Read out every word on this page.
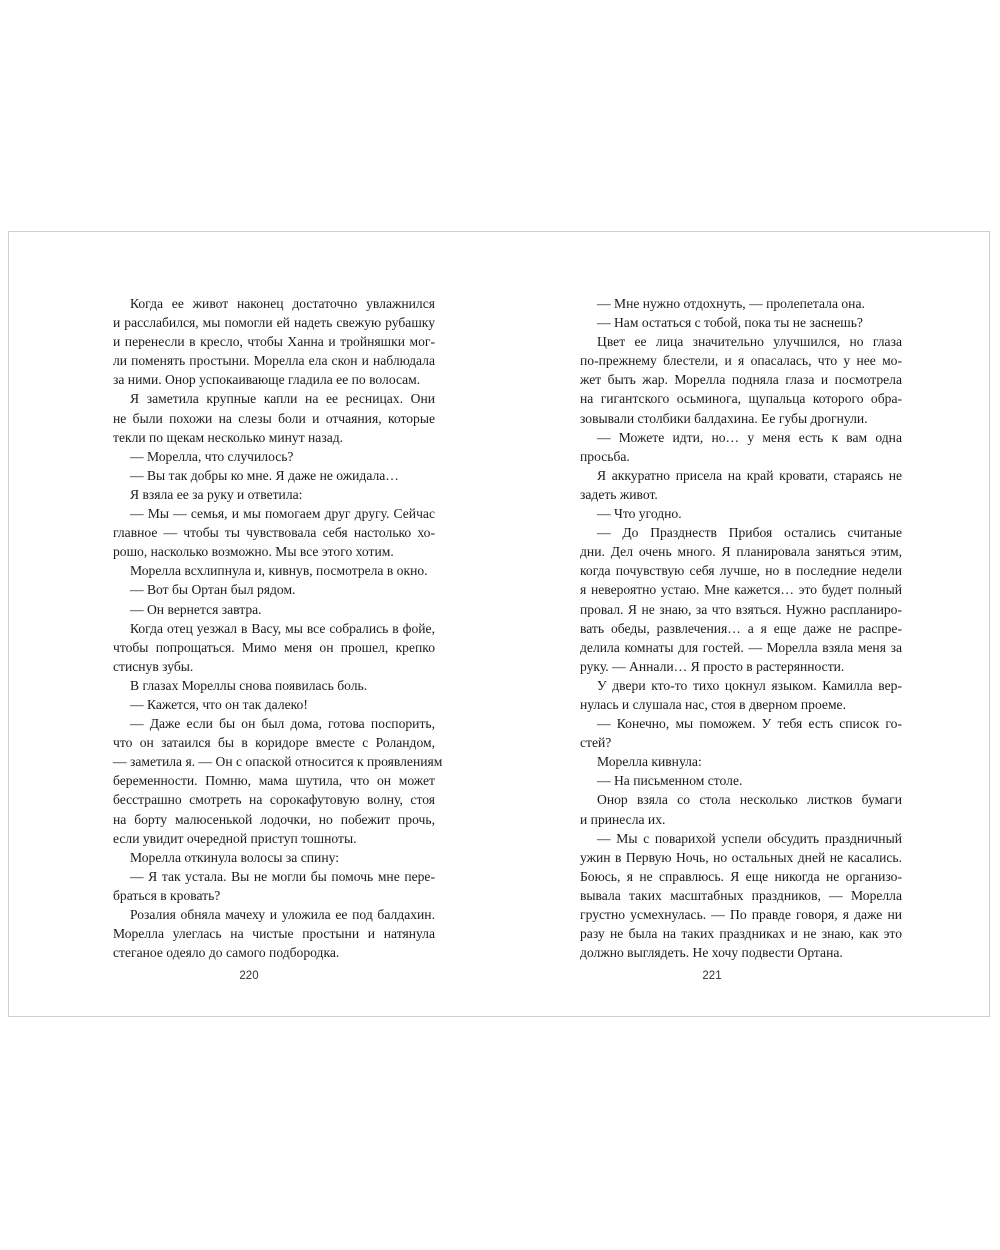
Когда ее живот наконец достаточно увлажнился
и расслабился, мы помогли ей надеть свежую рубашку
и перенесли в кресло, чтобы Ханна и тройняшки мог-
ли поменять простыни. Морелла ела скон и наблюдала
за ними. Онор успокаивающе гладила ее по волосам.
Я заметила крупные капли на ее ресницах. Они
не были похожи на слезы боли и отчаяния, которые
текли по щекам несколько минут назад.
— Морелла, что случилось?
— Вы так добры ко мне. Я даже не ожидала…
Я взяла ее за руку и ответила:
— Мы — семья, и мы помогаем друг другу. Сейчас
главное — чтобы ты чувствовала себя настолько хо-
рошо, насколько возможно. Мы все этого хотим.
Морелла всхлипнула и, кивнув, посмотрела в окно.
— Вот бы Ортан был рядом.
— Он вернется завтра.
Когда отец уезжал в Васу, мы все собрались в фойе,
чтобы попрощаться. Мимо меня он прошел, крепко
стиснув зубы.
В глазах Мореллы снова появилась боль.
— Кажется, что он так далеко!
— Даже если бы он был дома, готова поспорить,
что он затаился бы в коридоре вместе с Роландом,
— заметила я. — Он с опаской относится к проявлениям
беременности. Помню, мама шутила, что он может
бесстрашно смотреть на сорокафутовую волну, стоя
на борту малюсенькой лодочки, но побежит прочь,
если увидит очередной приступ тошноты.
Морелла откинула волосы за спину:
— Я так устала. Вы не могли бы помочь мне пере-
браться в кровать?
Розалия обняла мачеху и уложила ее под балдахин.
Морелла улеглась на чистые простыни и натянула
стеганое одеяло до самого подбородка.
220
— Мне нужно отдохнуть, — пролепетала она.
— Нам остаться с тобой, пока ты не заснешь?
Цвет ее лица значительно улучшился, но глаза
по-прежнему блестели, и я опасалась, что у нее мо-
жет быть жар. Морелла подняла глаза и посмотрела
на гигантского осьминога, щупальца которого обра-
зовывали столбики балдахина. Ее губы дрогнули.
— Можете идти, но… у меня есть к вам одна
просьба.
Я аккуратно присела на край кровати, стараясь не
задеть живот.
— Что угодно.
— До Празднеств Прибоя остались считаные
дни. Дел очень много. Я планировала заняться этим,
когда почувствую себя лучше, но в последние недели
я невероятно устаю. Мне кажется… это будет полный
провал. Я не знаю, за что взяться. Нужно распланиро-
вать обеды, развлечения… а я еще даже не распре-
делила комнаты для гостей. — Морелла взяла меня за
руку. — Аннали… Я просто в растерянности.
У двери кто-то тихо цокнул языком. Камилла вер-
нулась и слушала нас, стоя в дверном проеме.
— Конечно, мы поможем. У тебя есть список го-
стей?
Морелла кивнула:
— На письменном столе.
Онор взяла со стола несколько листков бумаги
и принесла их.
— Мы с поварихой успели обсудить праздничный
ужин в Первую Ночь, но остальных дней не касались.
Боюсь, я не справлюсь. Я еще никогда не организо-
вывала таких масштабных праздников, — Морелла
грустно усмехнулась. — По правде говоря, я даже ни
разу не была на таких праздниках и не знаю, как это
должно выглядеть. Не хочу подвести Ортана.
221
